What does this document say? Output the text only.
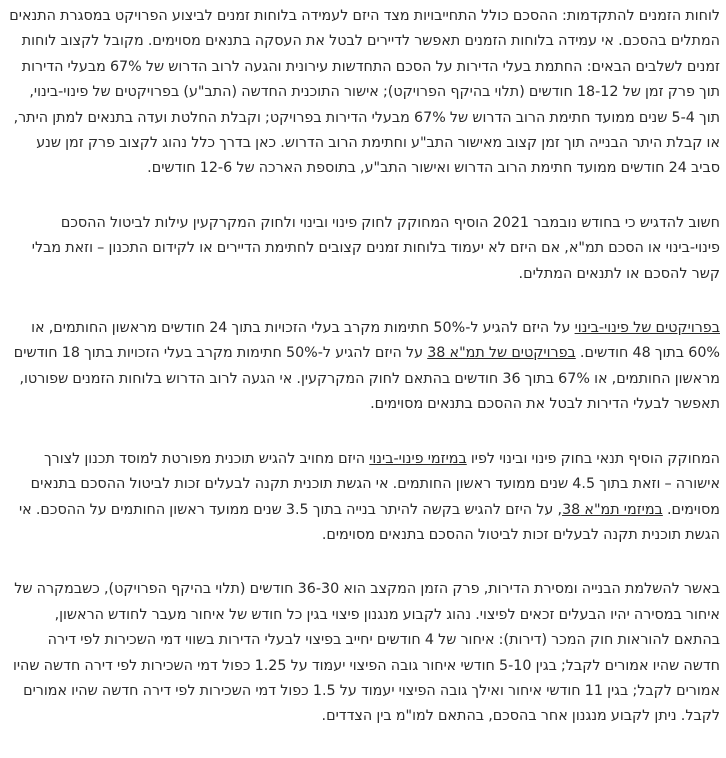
לוחות הזמנים להתקדמות: ההסכם כולל התחייבויות מצד היזם לעמידה בלוחות זמנים לביצוע הפרויקט במסגרת התנאים המתלים בהסכם. אי עמידה בלוחות הזמנים תאפשר לדיירים לבטל את העסקה בתנאים מסוימים. מקובל לקצוב לוחות זמנים לשלבים הבאים: החתמת בעלי הדירות על הסכם התחדשות עירונית והגעה לרוב הדרוש של 67% מבעלי הדירות תוך פרק זמן של 18-12 חודשים (תלוי בהיקף הפרויקט); אישור התוכנית החדשה (התב"ע) בפרויקטים של פינוי-בינוי, תוך 5-4 שנים ממועד חתימת הרוב הדרוש של 67% מבעלי הדירות בפרויקט; וקבלת החלטת ועדה בתנאים למתן היתר, או קבלת היתר הבנייה תוך זמן קצוב מאישור התב"ע וחתימת הרוב הדרוש. כאן בדרך כלל נהוג לקצוב פרק זמן שנע סביב 24 חודשים ממועד חתימת הרוב הדרוש ואישור התב"ע, בתוספת הארכה של 12-6 חודשים.

חשוב להדגיש כי בחודש נובמבר 2021 הוסיף המחוקק לחוק פינוי ובינוי ולחוק המקרקעין עילות לביטול ההסכם פינוי-בינוי או הסכם תמ"א, אם היזם לא יעמוד בלוחות זמנים קצובים לחתימת הדיירים או לקידום התכנון – וזאת מבלי קשר להסכם או לתנאים המתלים.

בפרויקטים של פינוי-בינוי על היזם להגיע ל-50% חתימות מקרב בעלי הזכויות בתוך 24 חודשים מראשון החותמים, או 60% בתוך 48 חודשים. בפרויקטים של תמ"א 38 על היזם להגיע ל-50% חתימות מקרב בעלי הזכויות בתוך 18 חודשים מראשון החותמים, או 67% בתוך 36 חודשים בהתאם לחוק המקרקעין. אי הגעה לרוב הדרוש בלוחות הזמנים שפורטו, תאפשר לבעלי הדירות לבטל את ההסכם בתנאים מסוימים.

המחוקק הוסיף תנאי בחוק פינוי ובינוי לפיו במיזמי פינוי-בינוי היזם מחויב להגיש תוכנית מפורטת למוסד תכנון לצורך אישורה – וזאת בתוך 4.5 שנים ממועד ראשון החותמים. אי הגשת תוכנית תקנה לבעלים זכות לביטול ההסכם בתנאים מסוימים. במיזמי תמ"א 38, על היזם להגיש בקשה להיתר בנייה בתוך 3.5 שנים ממועד ראשון החותמים על ההסכם. אי הגשת תוכנית תקנה לבעלים זכות לביטול ההסכם בתנאים מסוימים.

באשר להשלמת הבנייה ומסירת הדירות, פרק הזמן המקצב הוא 36-30 חודשים (תלוי בהיקף הפרויקט), כשבמקרה של איחור במסירה יהיו הבעלים זכאים לפיצוי. נהוג לקבוע מנגנון פיצוי בגין כל חודש של איחור מעבר לחודש הראשון, בהתאם להוראות חוק המכר (דירות): איחור של 4 חודשים יחייב בפיצוי לבעלי הדירות בשווי דמי השכירות לפי דירה חדשה שהיו אמורים לקבל; בגין 5-10 חודשי איחור גובה הפיצוי יעמוד על 1.25 כפול דמי השכירות לפי דירה חדשה שהיו אמורים לקבל; בגין 11 חודשי איחור ואילך גובה הפיצוי יעמוד על 1.5 כפול דמי השכירות לפי דירה חדשה שהיו אמורים לקבל. ניתן לקבוע מנגנון אחר בהסכם, בהתאם למו"מ בין הצדדים.
